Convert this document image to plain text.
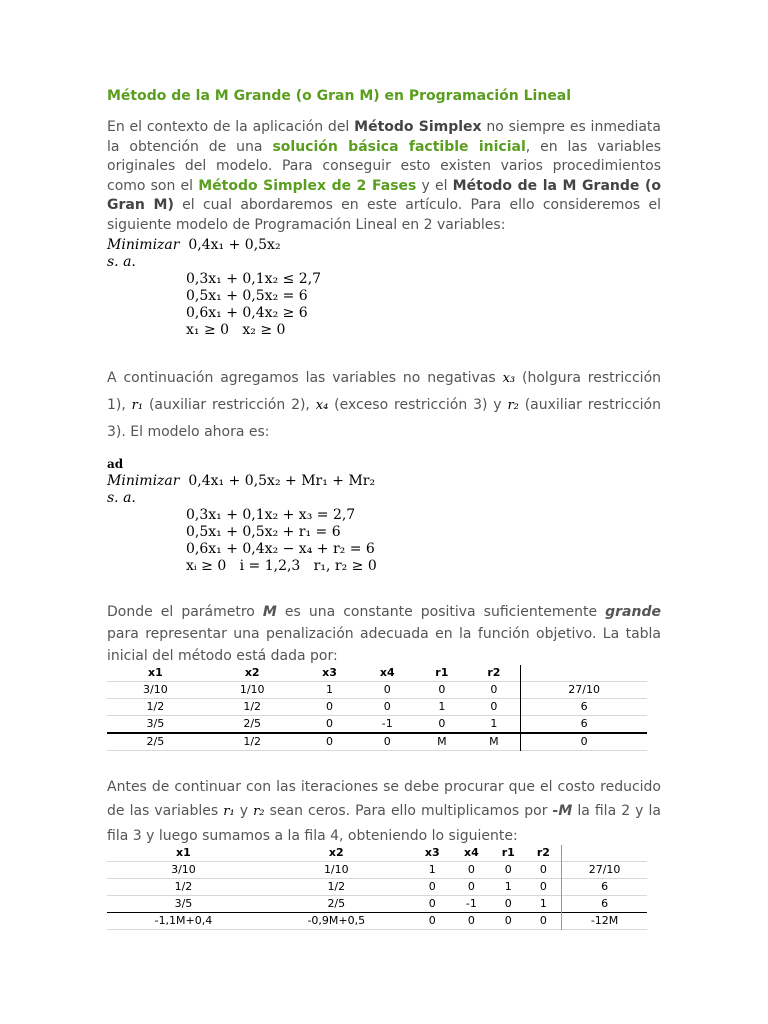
Método de la M Grande (o Gran M) en Programación Lineal

En el contexto de la aplicación del Método Simplex no siempre es inmediata la obtención de una solución básica factible inicial, en las variables originales del modelo. Para conseguir esto existen varios procedimientos como son el Método Simplex de 2 Fases y el Método de la M Grande (o Gran M) el cual abordaremos en este artículo. Para ello consideremos el siguiente modelo de Programación Lineal en 2 variables:

Minimizar 0,4x₁ + 0,5x₂
s. a.
0,3x₁ + 0,1x₂ ≤ 2,7
0,5x₁ + 0,5x₂ = 6
0,6x₁ + 0,4x₂ ≥ 6
x₁ ≥ 0   x₂ ≥ 0

A continuación agregamos las variables no negativas x₃ (holgura restricción 1), r₁ (auxiliar restricción 2), x₄ (exceso restricción 3) y r₂ (auxiliar restricción 3). El modelo ahora es:

ad
Minimizar 0,4x₁ + 0,5x₂ + Mr₁ + Mr₂
s. a.
0,3x₁ + 0,1x₂ + x₃ = 2,7
0,5x₁ + 0,5x₂ + r₁ = 6
0,6x₁ + 0,4x₂ − x₄ + r₂ = 6
xᵢ ≥ 0   i = 1,2,3   r₁, r₂ ≥ 0

Donde el parámetro M es una constante positiva suficientemente grande para representar una penalización adecuada en la función objetivo. La tabla inicial del método está dada por:

x1	x2	x3	x4	r1	r2	
3/10	1/10	1	0	0	0	27/10
1/2	1/2	0	0	1	0	6
3/5	2/5	0	-1	0	1	6
2/5	1/2	0	0	M	M	0

Antes de continuar con las iteraciones se debe procurar que el costo reducido de las variables r₁ y r₂ sean ceros. Para ello multiplicamos por -M la fila 2 y la fila 3 y luego sumamos a la fila 4, obteniendo lo siguiente:

x1	x2	x3	x4	r1	r2	
3/10	1/10	1	0	0	0	27/10
1/2	1/2	0	0	1	0	6
3/5	2/5	0	-1	0	1	6
-1,1M+0,4	-0,9M+0,5	0	0	0	0	-12M
